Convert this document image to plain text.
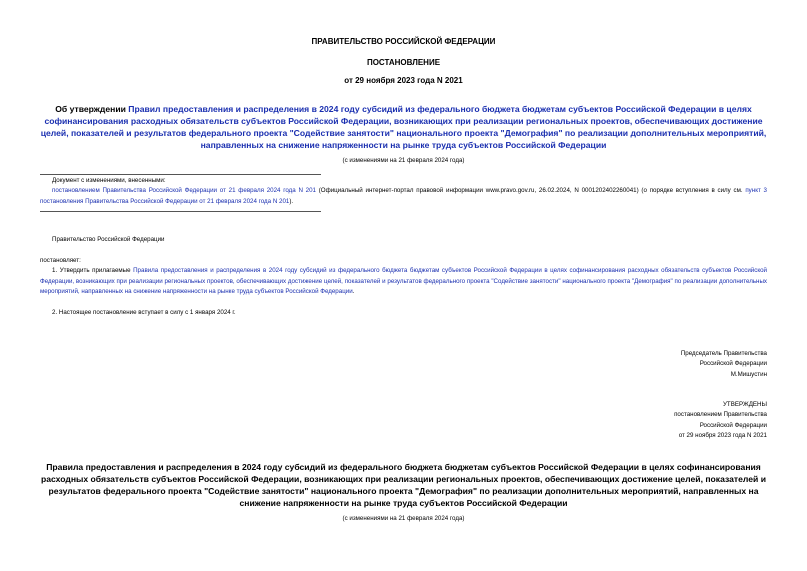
ПРАВИТЕЛЬСТВО РОССИЙСКОЙ ФЕДЕРАЦИИ
ПОСТАНОВЛЕНИЕ
от 29 ноября 2023 года N 2021
Об утверждении Правил предоставления и распределения в 2024 году субсидий из федерального бюджета бюджетам субъектов Российской Федерации в целях софинансирования расходных обязательств субъектов Российской Федерации, возникающих при реализации региональных проектов, обеспечивающих достижение целей, показателей и результатов федерального проекта "Содействие занятости" национального проекта "Демография" по реализации дополнительных мероприятий, направленных на снижение напряженности на рынке труда субъектов Российской Федерации
(с изменениями на 21 февраля 2024 года)
Документ с изменениями, внесенными:
постановлением Правительства Российской Федерации от 21 февраля 2024 года N 201 (Официальный интернет-портал правовой информации www.pravo.gov.ru, 26.02.2024, N 0001202402260041) (о порядке вступления в силу см. пункт 3 постановления Правительства Российской Федерации от 21 февраля 2024 года N 201).
Правительство Российской Федерации
постановляет:
1. Утвердить прилагаемые Правила предоставления и распределения в 2024 году субсидий из федерального бюджета бюджетам субъектов Российской Федерации в целях софинансирования расходных обязательств субъектов Российской Федерации, возникающих при реализации региональных проектов, обеспечивающих достижение целей, показателей и результатов федерального проекта "Содействие занятости" национального проекта "Демография" по реализации дополнительных мероприятий, направленных на снижение напряженности на рынке труда субъектов Российской Федерации.
2. Настоящее постановление вступает в силу с 1 января 2024 г.
Председатель Правительства
Российской Федерации
М.Мишустин
УТВЕРЖДЕНЫ
постановлением Правительства
Российской Федерации
от 29 ноября 2023 года N 2021
Правила предоставления и распределения в 2024 году субсидий из федерального бюджета бюджетам субъектов Российской Федерации в целях софинансирования расходных обязательств субъектов Российской Федерации, возникающих при реализации региональных проектов, обеспечивающих достижение целей, показателей и результатов федерального проекта "Содействие занятости" национального проекта "Демография" по реализации дополнительных мероприятий, направленных на снижение напряженности на рынке труда субъектов Российской Федерации
(с изменениями на 21 февраля 2024 года)
